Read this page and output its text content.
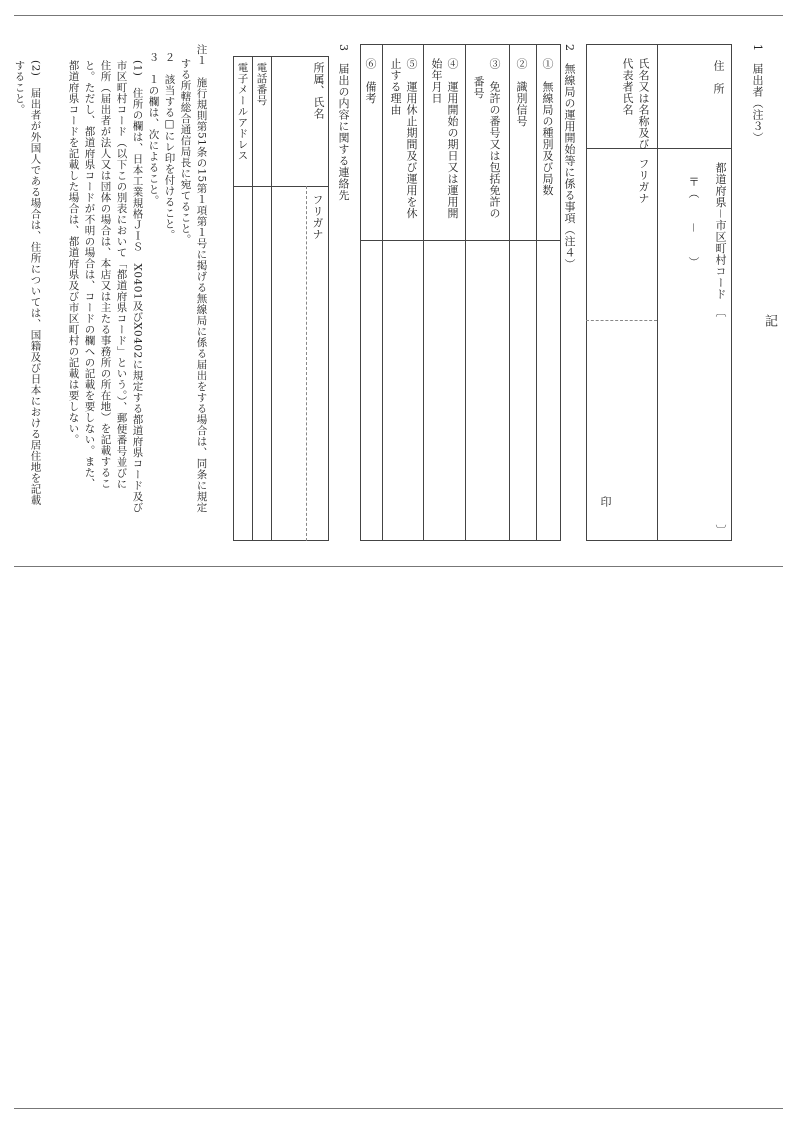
記
1　届出者（注３）
住　所
都道府県－市区町村コード　〔　　　　　　　　　　　　　　　　　　〕
〒（　　－　　）
氏名又は名称及び
代表者氏名
フリガナ
印
2　無線局の運用開始等に係る事項（注４）
①　無線局の種別及び局数
②　識別信号
③　免許の番号又は包括免許の
番号
④　運用開始の期日又は運用開
始年月日
⑤　運用休止期間及び運用を休
止する理由
⑥　備考
3　届出の内容に関する連絡先
所属、氏名
フリガナ
電話番号
電子メールアドレス
注１　施行規則第51条の15第１項第１号に掲げる無線局に係る届出をする場合は、同条に規定
する所轄総合通信局長に宛てること。
２　該当する□にレ印を付けること。
３　１の欄は、次によること。
(1)　住所の欄は、日本工業規格ＪＩＳ　X0401及びX0402に規定する都道府県コード及び
市区町村コード（以下この別表において「都道府県コード」という。）、郵便番号並びに
住所（届出者が法人又は団体の場合は、本店又は主たる事務所の所在地）を記載するこ
と。ただし、都道府県コードが不明の場合は、コードの欄への記載を要しない。また、
都道府県コードを記載した場合は、都道府県及び市区町村の記載は要しない。
(2)　届出者が外国人である場合は、住所については、国籍及び日本における居住地を記載
すること。
